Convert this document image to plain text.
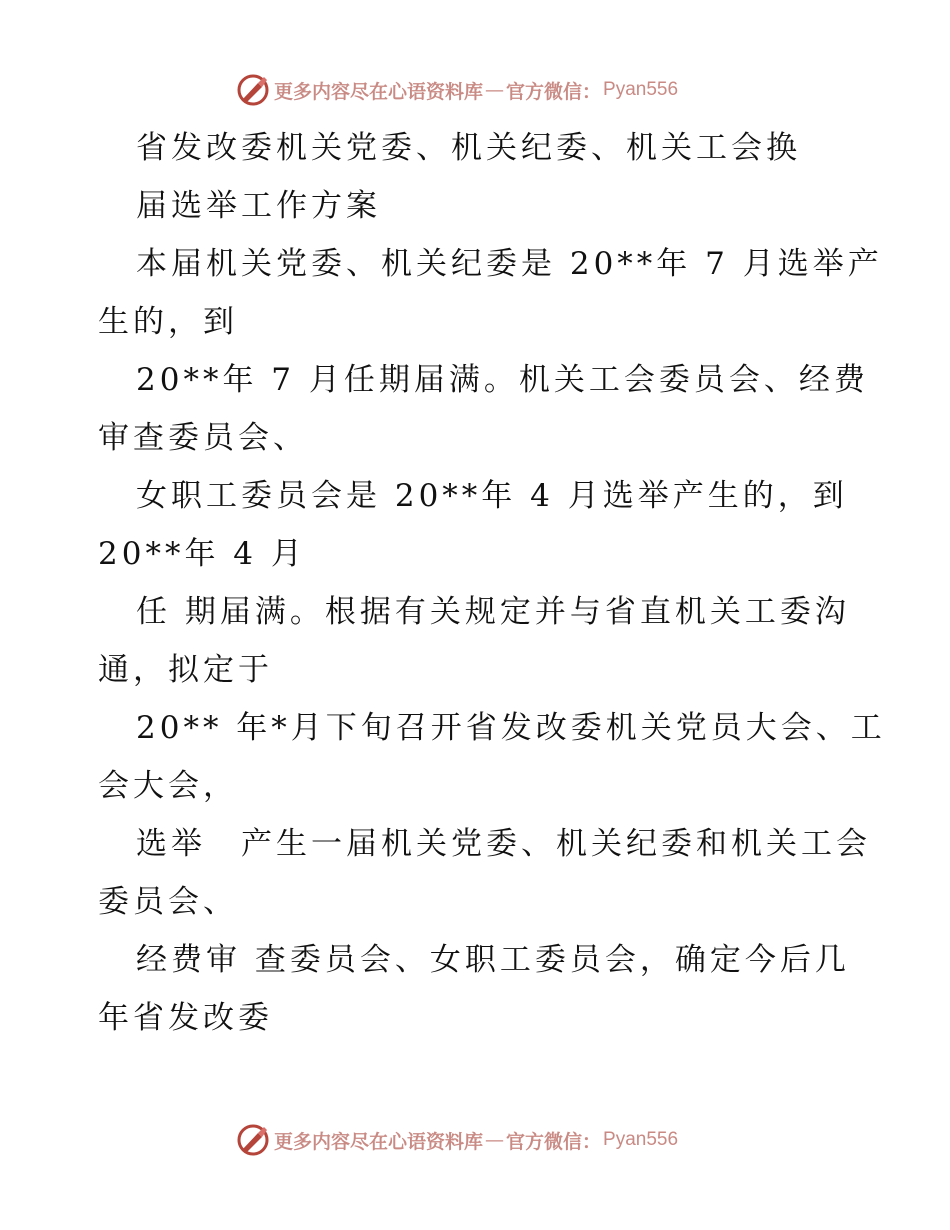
更多内容尽在心语资料库 — 官方微信： Pyan556
省发改委机关党委、机关纪委、机关工会换
届选举工作方案
本届机关党委、机关纪委是 20**年 7 月选举产
生的，到
20**年 7 月任期届满。机关工会委员会、经费
审查委员会、
女职工委员会是 20**年 4 月选举产生的，到
20**年 4 月
任 期届满。根据有关规定并与省直机关工委沟
通，拟定于
20** 年*月下旬召开省发改委机关党员大会、工
会大会，
选举　产生一届机关党委、机关纪委和机关工会
委员会、
经费审 查委员会、女职工委员会，确定今后几
年省发改委
更多内容尽在心语资料库 — 官方微信： Pyan556
